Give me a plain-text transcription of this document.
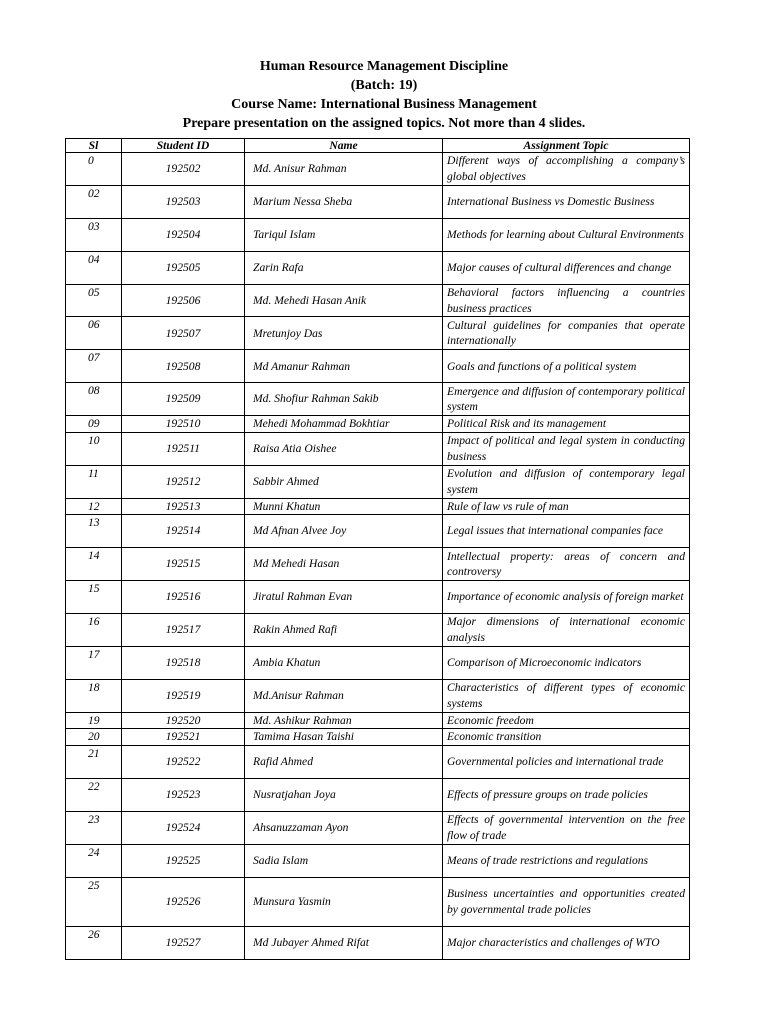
Human Resource Management Discipline
(Batch: 19)
Course Name: International Business Management
Prepare presentation on the assigned topics. Not more than 4 slides.
Sl	Student ID	Name	Assignment Topic
0	192502	Md. Anisur Rahman	Different ways of accomplishing a company’s global objectives
02	192503	Marium Nessa Sheba	International Business vs Domestic Business
03	192504	Tariqul Islam	Methods for learning about Cultural Environments
04	192505	Zarin Rafa	Major causes of cultural differences and change
05	192506	Md. Mehedi Hasan Anik	Behavioral factors influencing a countries business practices
06	192507	Mretunjoy Das	Cultural guidelines for companies that operate internationally
07	192508	Md Amanur Rahman	Goals and functions of a political system
08	192509	Md. Shofiur Rahman Sakib	Emergence and diffusion of contemporary political system
09	192510	Mehedi Mohammad Bokhtiar	Political Risk and its management
10	192511	Raisa Atia Oishee	Impact of political and legal system in conducting business
11	192512	Sabbir Ahmed	Evolution and diffusion of contemporary legal system
12	192513	Munni Khatun	Rule of law vs rule of man
13	192514	Md Afnan Alvee Joy	Legal issues that international companies face
14	192515	Md Mehedi Hasan	Intellectual property: areas of concern and controversy
15	192516	Jiratul Rahman Evan	Importance of economic analysis of foreign market
16	192517	Rakin Ahmed Rafi	Major dimensions of international economic analysis
17	192518	Ambia Khatun	Comparison of Microeconomic indicators
18	192519	Md.Anisur Rahman	Characteristics of different types of economic systems
19	192520	Md. Ashikur Rahman	Economic freedom
20	192521	Tamima Hasan Taishi	Economic transition
21	192522	Rafid Ahmed	Governmental policies and international trade
22	192523	Nusratjahan Joya	Effects of pressure groups on trade policies
23	192524	Ahsanuzzaman Ayon	Effects of governmental intervention on the free flow of trade
24	192525	Sadia Islam	Means of trade restrictions and regulations
25	192526	Munsura Yasmin	Business uncertainties and opportunities created by governmental trade policies
26	192527	Md Jubayer Ahmed Rifat	Major characteristics and challenges of WTO
